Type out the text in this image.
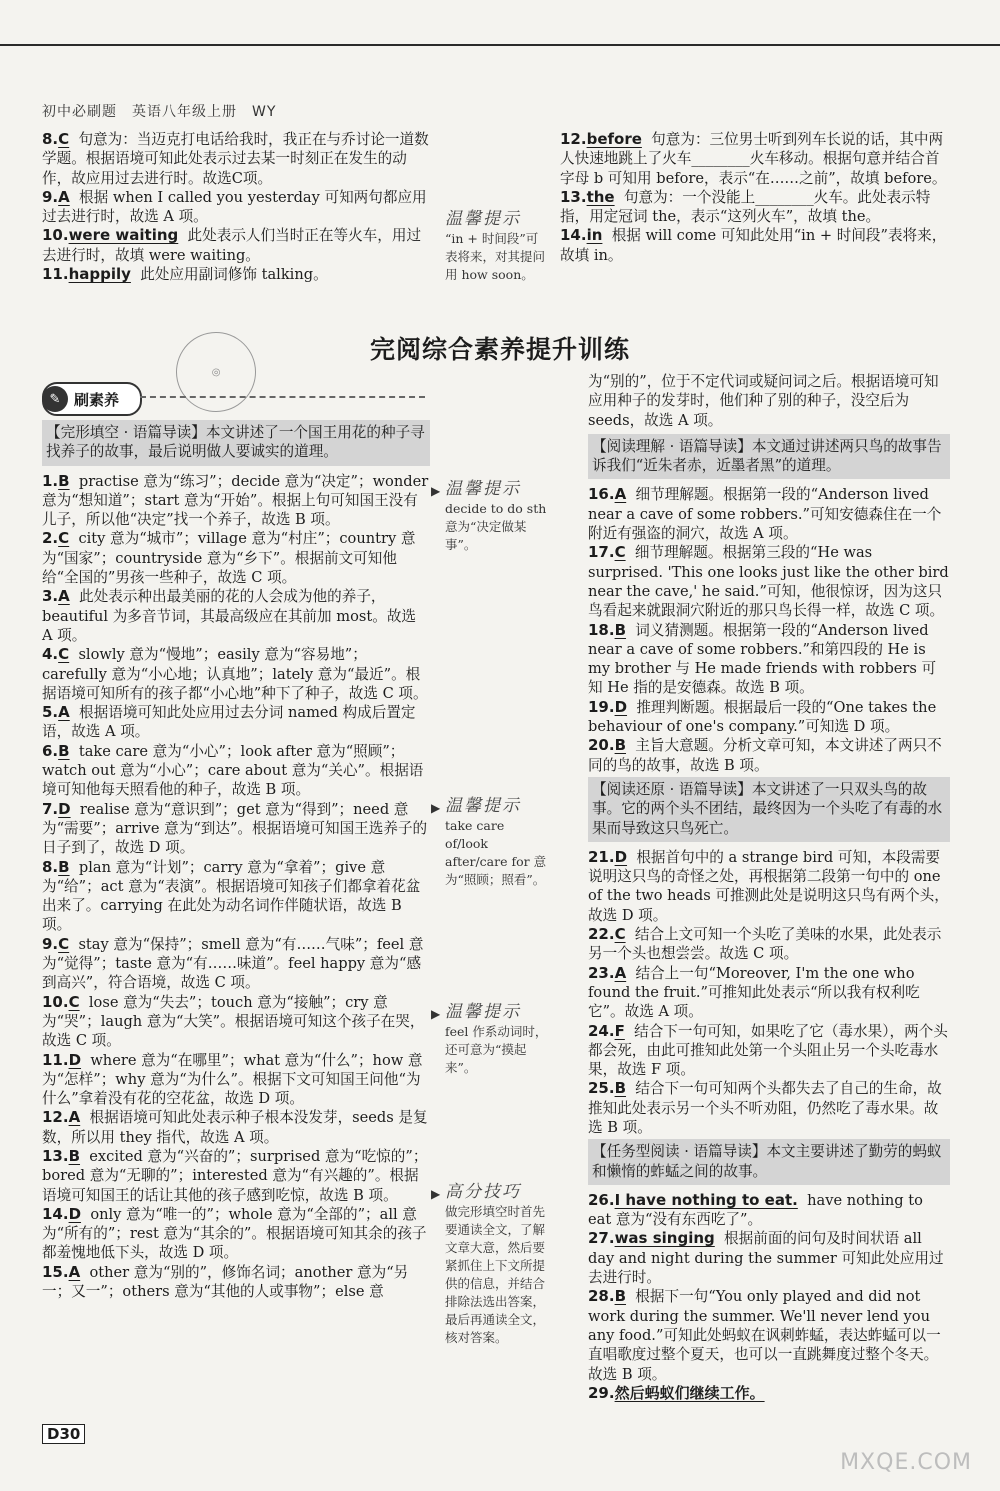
初中必刷题　英语八年级上册　WY
8.C 句意为：当迈克打电话给我时，我正在与乔讨论一道数学题。根据语境可知此处表示过去某一时刻正在发生的动作，故应用过去进行时。故选C项。
9.A 根据 when I called you yesterday 可知两句都应用过去进行时，故选 A 项。
10.were waiting 此处表示人们当时正在等火车，用过去进行时，故填 were waiting。
11.happily 此处应用副词修饰 talking。
温馨提示
“in + 时间段”可表将来，对其提问用 how soon。
12.before 句意为：三位男士听到列车长说的话，其中两人快速地跳上了火车________火车移动。根据句意并结合首字母 b 可知用 before，表示“在……之前”，故填 before。
13.the 句意为：一个没能上________火车。此处表示特指，用定冠词 the，表示“这列火车”，故填 the。
14.in 根据 will come 可知此处用“in + 时间段”表将来，故填 in。
完阅综合素养提升训练
◎
✎ 刷素养
【完形填空 · 语篇导读】本文讲述了一个国王用花的种子寻找养子的故事，最后说明做人要诚实的道理。
1.B practise 意为“练习”；decide 意为“决定”；wonder 意为“想知道”；start 意为“开始”。根据上句可知国王没有儿子，所以他“决定”找一个养子，故选 B 项。
2.C city 意为“城市”；village 意为“村庄”；country 意为“国家”；countryside 意为“乡下”。根据前文可知他给“全国的”男孩一些种子，故选 C 项。
3.A 此处表示种出最美丽的花的人会成为他的养子，beautiful 为多音节词，其最高级应在其前加 most。故选 A 项。
4.C slowly 意为“慢地”；easily 意为“容易地”；carefully 意为“小心地；认真地”；lately 意为“最近”。根据语境可知所有的孩子都“小心地”种下了种子，故选 C 项。
5.A 根据语境可知此处应用过去分词 named 构成后置定语，故选 A 项。
6.B take care 意为“小心”；look after 意为“照顾”；watch out 意为“小心”；care about 意为“关心”。根据语境可知他每天照看他的种子，故选 B 项。
7.D realise 意为“意识到”；get 意为“得到”；need 意为“需要”；arrive 意为“到达”。根据语境可知国王选养子的日子到了，故选 D 项。
8.B plan 意为“计划”；carry 意为“拿着”；give 意为“给”；act 意为“表演”。根据语境可知孩子们都拿着花盆出来了。carrying 在此处为动名词作伴随状语，故选 B 项。
9.C stay 意为“保持”；smell 意为“有……气味”；feel 意为“觉得”；taste 意为“有……味道”。feel happy 意为“感到高兴”，符合语境，故选 C 项。
10.C lose 意为“失去”；touch 意为“接触”；cry 意为“哭”；laugh 意为“大笑”。根据语境可知这个孩子在哭，故选 C 项。
11.D where 意为“在哪里”；what 意为“什么”；how 意为“怎样”；why 意为“为什么”。根据下文可知国王问他“为什么”拿着没有花的空花盆，故选 D 项。
12.A 根据语境可知此处表示种子根本没发芽，seeds 是复数，所以用 they 指代，故选 A 项。
13.B excited 意为“兴奋的”；surprised 意为“吃惊的”；bored 意为“无聊的”；interested 意为“有兴趣的”。根据语境可知国王的话让其他的孩子感到吃惊，故选 B 项。
14.D only 意为“唯一的”；whole 意为“全部的”；all 意为“所有的”；rest 意为“其余的”。根据语境可知其余的孩子都羞愧地低下头，故选 D 项。
15.A other 意为“别的”，修饰名词；another 意为“另一；又一”；others 意为“其他的人或事物”；else 意
▶ 温馨提示
decide to do sth 意为“决定做某事”。
▶ 温馨提示
take care of/look after/care for 意为“照顾；照看”。
▶ 温馨提示
feel 作系动词时，还可意为“摸起来”。
▶ 高分技巧
做完形填空时首先要通读全文，了解文章大意，然后要紧抓住上下文所提供的信息，并结合排除法选出答案，最后再通读全文，核对答案。
为“别的”，位于不定代词或疑问词之后。根据语境可知应用种子的发芽时，他们种了别的种子，没空后为 seeds，故选 A 项。
【阅读理解 · 语篇导读】本文通过讲述两只鸟的故事告诉我们“近朱者赤，近墨者黑”的道理。
16.A 细节理解题。根据第一段的“Anderson lived near a cave of some robbers.”可知安德森住在一个附近有强盗的洞穴，故选 A 项。
17.C 细节理解题。根据第三段的“He was surprised. 'This one looks just like the other bird near the cave,' he said.”可知，他很惊讶，因为这只鸟看起来就跟洞穴附近的那只鸟长得一样，故选 C 项。
18.B 词义猜测题。根据第一段的“Anderson lived near a cave of some robbers.”和第四段的 He is my brother 与 He made friends with robbers 可知 He 指的是安德森。故选 B 项。
19.D 推理判断题。根据最后一段的“One takes the behaviour of one's company.”可知选 D 项。
20.B 主旨大意题。分析文章可知，本文讲述了两只不同的鸟的故事，故选 B 项。
【阅读还原 · 语篇导读】本文讲述了一只双头鸟的故事。它的两个头不团结，最终因为一个头吃了有毒的水果而导致这只鸟死亡。
21.D 根据首句中的 a strange bird 可知，本段需要说明这只鸟的奇怪之处，再根据第二段第一句中的 one of the two heads 可推测此处是说明这只鸟有两个头，故选 D 项。
22.C 结合上文可知一个头吃了美味的水果，此处表示另一个头也想尝尝。故选 C 项。
23.A 结合上一句“Moreover, I'm the one who found the fruit.”可推知此处表示“所以我有权利吃它”。故选 A 项。
24.F 结合下一句可知，如果吃了它（毒水果），两个头都会死，由此可推知此处第一个头阻止另一个头吃毒水果，故选 F 项。
25.B 结合下一句可知两个头都失去了自己的生命，故推知此处表示另一个头不听劝阻，仍然吃了毒水果。故选 B 项。
【任务型阅读 · 语篇导读】本文主要讲述了勤劳的蚂蚁和懒惰的蚱蜢之间的故事。
26.I have nothing to eat. have nothing to eat 意为“没有东西吃了”。
27.was singing 根据前面的问句及时间状语 all day and night during the summer 可知此处应用过去进行时。
28.B 根据下一句“You only played and did not work during the summer. We'll never lend you any food.”可知此处蚂蚁在讽刺蚱蜢，表达蚱蜢可以一直唱歌度过整个夏天，也可以一直跳舞度过整个冬天。故选 B 项。
29.然后蚂蚁们继续工作。
D30
MXQE.COM
